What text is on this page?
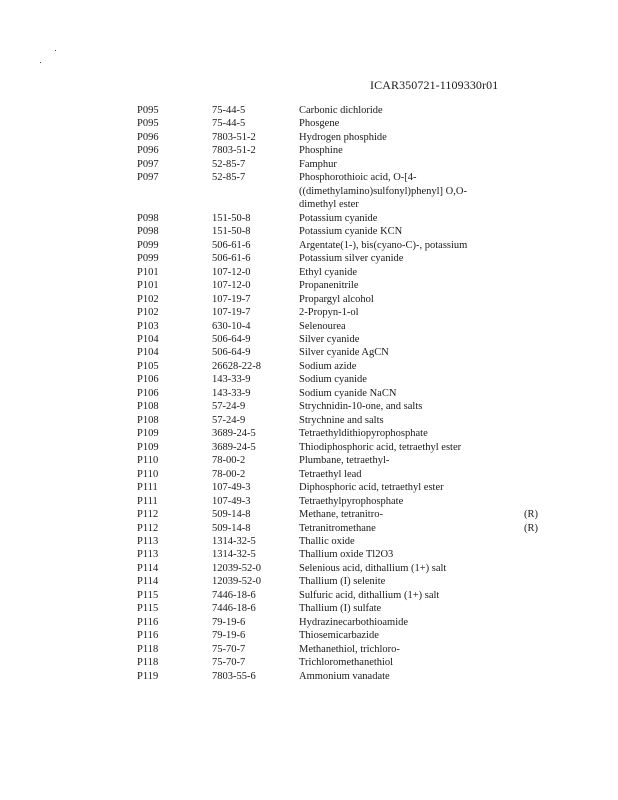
ICAR350721-1109330r01
P095	75-44-5	Carbonic dichloride
P095	75-44-5	Phosgene
P096	7803-51-2	Hydrogen phosphide
P096	7803-51-2	Phosphine
P097	52-85-7	Famphur
P097	52-85-7	Phosphorothioic acid, O-[4-
((dimethylamino)sulfonyl)phenyl] O,O-
dimethyl ester
P098	151-50-8	Potassium cyanide
P098	151-50-8	Potassium cyanide KCN
P099	506-61-6	Argentate(1-), bis(cyano-C)-, potassium
P099	506-61-6	Potassium silver cyanide
P101	107-12-0	Ethyl cyanide
P101	107-12-0	Propanenitrile
P102	107-19-7	Propargyl alcohol
P102	107-19-7	2-Propyn-1-ol
P103	630-10-4	Selenourea
P104	506-64-9	Silver cyanide
P104	506-64-9	Silver cyanide AgCN
P105	26628-22-8	Sodium azide
P106	143-33-9	Sodium cyanide
P106	143-33-9	Sodium cyanide NaCN
P108	57-24-9	Strychnidin-10-one, and salts
P108	57-24-9	Strychnine and salts
P109	3689-24-5	Tetraethyldithiopyrophosphate
P109	3689-24-5	Thiodiphosphoric acid, tetraethyl ester
P110	78-00-2	Plumbane, tetraethyl-
P110	78-00-2	Tetraethyl lead
P111	107-49-3	Diphosphoric acid, tetraethyl ester
P111	107-49-3	Tetraethylpyrophosphate
P112	509-14-8	Methane, tetranitro-	(R)
P112	509-14-8	Tetranitromethane	(R)
P113	1314-32-5	Thallic oxide
P113	1314-32-5	Thallium oxide Tl2O3
P114	12039-52-0	Selenious acid, dithallium (1+) salt
P114	12039-52-0	Thallium (I) selenite
P115	7446-18-6	Sulfuric acid, dithallium (1+) salt
P115	7446-18-6	Thallium (I) sulfate
P116	79-19-6	Hydrazinecarbothioamide
P116	79-19-6	Thiosemicarbazide
P118	75-70-7	Methanethiol, trichloro-
P118	75-70-7	Trichloromethanethiol
P119	7803-55-6	Ammonium vanadate
